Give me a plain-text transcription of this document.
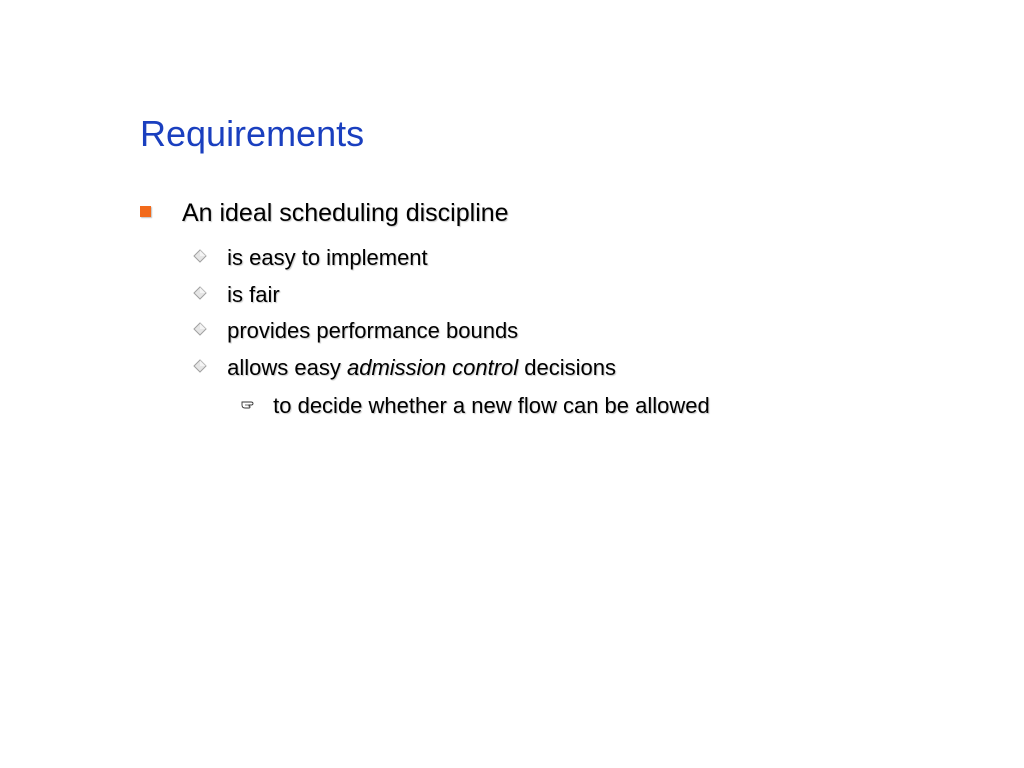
Requirements
An ideal scheduling discipline
is easy to implement
is fair
provides performance bounds
allows easy admission control decisions
to decide whether a new flow can be allowed
